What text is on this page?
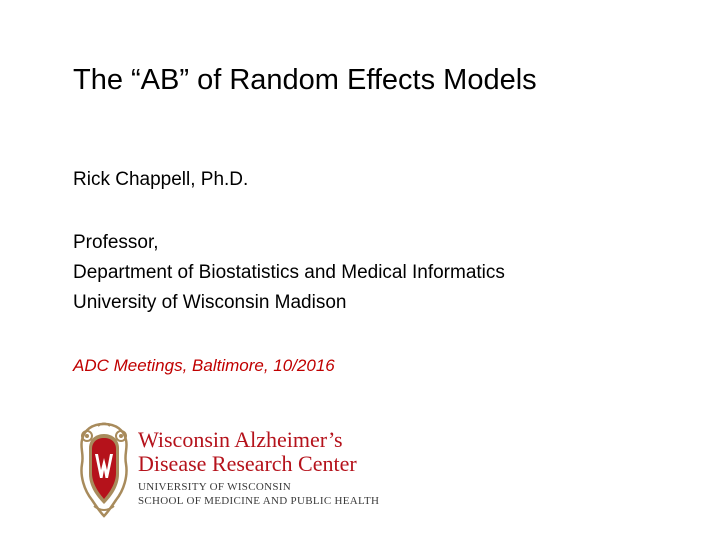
The “AB” of Random Effects Models
Rick Chappell, Ph.D.
Professor,
Department of Biostatistics and Medical Informatics
University of Wisconsin Madison
ADC Meetings, Baltimore, 10/2016
Wisconsin Alzheimer’s
Disease Research Center
UNIVERSITY OF WISCONSIN
SCHOOL OF MEDICINE AND PUBLIC HEALTH
